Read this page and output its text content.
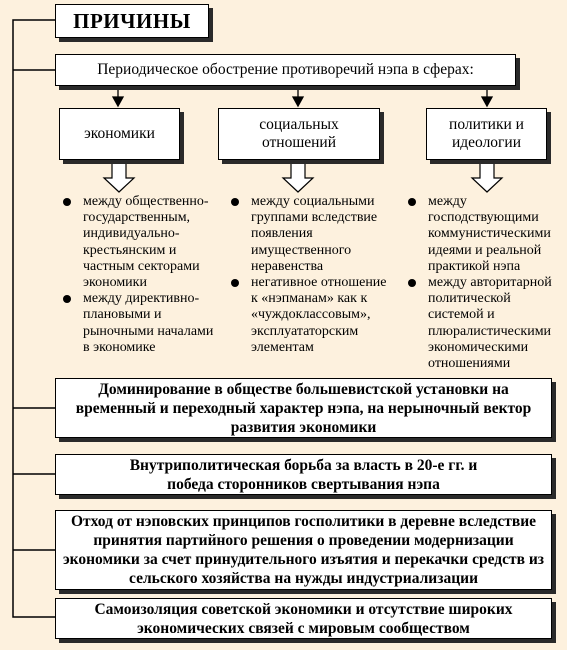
ПРИЧИНЫ
Периодическое обострение противоречий нэпа в сферах:
экономики
социальных отношений
политики и идеологии
между общественно-государственным, индивидуально-крестьянским и частным секторами экономики
между директивно-плановыми и рыночными началами в экономике
между социальными группами вследствие появления имущественного неравенства
негативное отношение к «нэпманам» как к «чуждоклассовым», эксплуататорским элементам
между господствующими коммунистическими идеями и реальной практикой нэпа
между авторитарной политической системой и плюралистическими экономическими отношениями
Доминирование в обществе большевистской установки на временный и переходный характер нэпа, на нерыночный вектор развития экономики
Внутриполитическая борьба за власть в 20-е гг. и победа сторонников свертывания нэпа
Отход от нэповских принципов госполитики в деревне вследствие принятия партийного решения о проведении модернизации экономики за счет принудительного изъятия и перекачки средств из сельского хозяйства на нужды индустриализации
Самоизоляция советской экономики и отсутствие широких экономических связей с мировым сообществом
